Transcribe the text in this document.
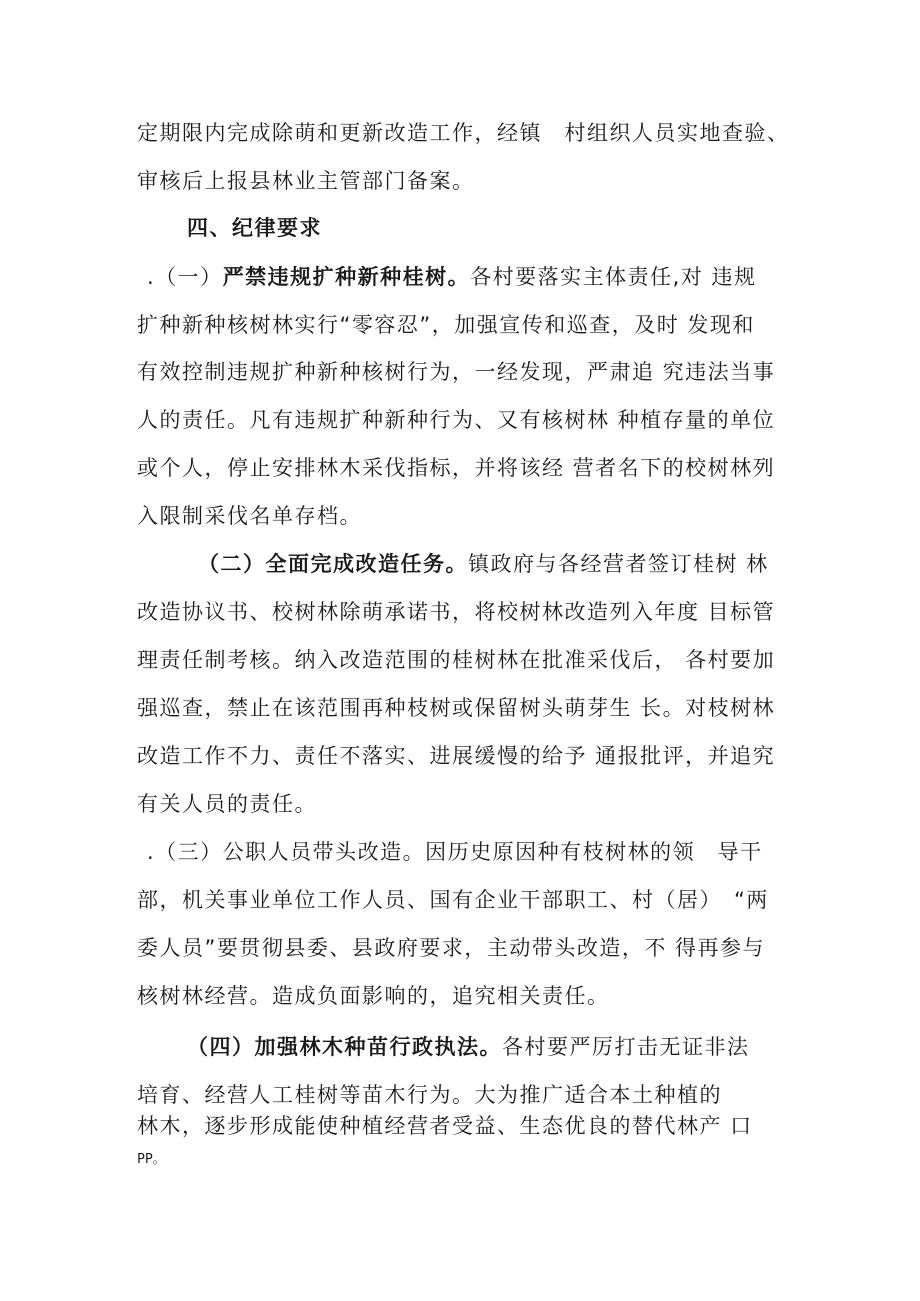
定期限内完成除萌和更新改造工作，经镇　村组织人员实地查验、
审核后上报县林业主管部门备案。
四、纪律要求
.（一）严禁违规扩种新种桂树。各村要落实主体责任,对 违规
扩种新种核树林实行“零容忍”，加强宣传和巡查，及时 发现和
有效控制违规扩种新种核树行为，一经发现，严肃追 究违法当事
人的责任。凡有违规扩种新种行为、又有核树林 种植存量的单位
或个人，停止安排林木采伐指标，并将该经 营者名下的校树林列
入限制采伐名单存档。
（二）全面完成改造任务。镇政府与各经营者签订桂树 林
改造协议书、校树林除萌承诺书，将校树林改造列入年度 目标管
理责任制考核。纳入改造范围的桂树林在批准采伐后， 各村要加
强巡查，禁止在该范围再种枝树或保留树头萌芽生 长。对枝树林
改造工作不力、责任不落实、进展缓慢的给予 通报批评，并追究
有关人员的责任。
.（三）公职人员带头改造。因历史原因种有枝树林的领　导干
部，机关事业单位工作人员、国有企业干部职工、村（居）　“两
委人员”要贯彻县委、县政府要求，主动带头改造，不 得再参与
核树林经营。造成负面影响的，追究相关责任。
（四）加强林木种苗行政执法。各村要严厉打击无证非法
培育、经营人工桂树等苗木行为。大为推广适合本土种植的
林木，逐步形成能使种植经营者受益、生态优良的替代林产 口
PP。
